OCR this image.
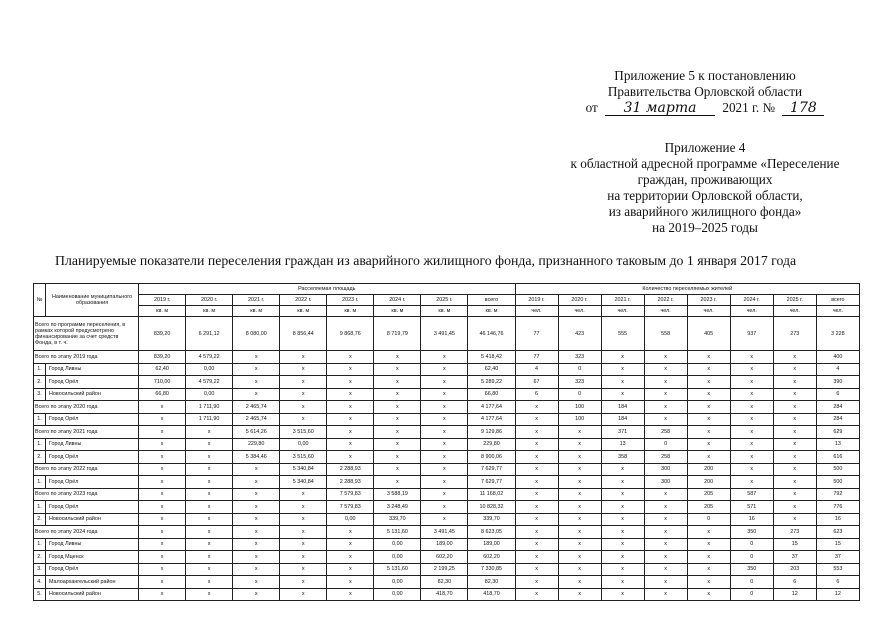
Приложение 5 к постановлению
Правительства Орловской области
от 31 марта 2021 г. № 178
Приложение 4
к областной адресной программе «Переселение
граждан, проживающих
на территории Орловской области,
из аварийного жилищного фонда»
на 2019–2025 годы
Планируемые показатели переселения граждан из аварийного жилищного фонда, признанного таковым до 1 января 2017 года
№	Наименование муниципального образования	Расселяемая площадь								Количество переселяемых жителей							
		2019 г.	2020 г.	2021 г.	2022 г.	2023 г.	2024 г.	2025 г.	всего	2019 г.	2020 г.	2021 г.	2022 г.	2023 г.	2024 г.	2025 г.	всего
		кв. м	кв. м	кв. м	кв. м	кв. м	кв. м	кв. м	кв. м	чел.	чел.	чел.	чел.	чел.	чел.	чел.	чел.
Всего по программе переселения, в рамках которой предусмотрено финансирование за счет средств Фонда, в т. ч.		839,20	6 291,12	8 080,00	8 856,44	9 868,76	8 719,79	3 491,45	46 146,76	77	423	555	558	405	937	273	3 228
Всего по этапу 2019 года		839,20	4 579,22	x	x	x	x	x	5 418,42	77	323	x	x	x	x	x	400
1.	Город Ливны	62,40	0,00	x	x	x	x	x	62,40	4	0	x	x	x	x	x	4
2.	Город Орёл	710,00	4 579,22	x	x	x	x	x	5 289,22	67	323	x	x	x	x	x	390
3.	Новосильский район	66,80	0,00	x	x	x	x	x	66,80	6	0	x	x	x	x	x	6
Всего по этапу 2020 года		x	1 711,90	2 465,74	x	x	x	x	4 177,64	x	100	184	x	x	x	x	284
1.	Город Орёл	x	1 711,90	2 465,74	x	x	x	x	4 177,64	x	100	184	x	x	x	x	284
Всего по этапу 2021 года		x	x	5 614,26	3 515,60	x	x	x	9 129,86	x	x	371	258	x	x	x	629
1.	Город Ливны	x	x	229,80	0,00	x	x	x	229,80	x	x	13	0	x	x	x	13
2.	Город Орёл	x	x	5 384,46	3 515,60	x	x	x	8 900,06	x	x	358	258	x	x	x	616
Всего по этапу 2022 года		x	x	x	5 340,84	2 288,93	x	x	7 629,77	x	x	x	300	200	x	x	500
1.	Город Орёл	x	x	x	5 340,84	2 288,93	x	x	7 629,77	x	x	x	300	200	x	x	500
Всего по этапу 2023 года		x	x	x	x	7 579,83	3 588,19	x	11 168,02	x	x	x	x	205	587	x	792
1.	Город Орёл	x	x	x	x	7 579,83	3 248,49	x	10 828,32	x	x	x	x	205	571	x	776
2.	Новосильский район	x	x	x	x	0,00	339,70	x	339,70	x	x	x	x	0	16	x	16
Всего по этапу 2024 года		x	x	x	x	x	5 131,60	3 491,45	8 623,05	x	x	x	x	x	350	273	623
1.	Город Ливны	x	x	x	x	x	0,00	189,00	189,00	x	x	x	x	x	0	15	15
2.	Город Мценск	x	x	x	x	x	0,00	602,20	602,20	x	x	x	x	x	0	37	37
3.	Город Орёл	x	x	x	x	x	5 131,60	2 199,25	7 330,85	x	x	x	x	x	350	203	553
4.	Малоархангельский район	x	x	x	x	x	0,00	82,30	82,30	x	x	x	x	x	0	6	6
5.	Новосильский район	x	x	x	x	x	0,00	418,70	418,70	x	x	x	x	x	0	12	12
